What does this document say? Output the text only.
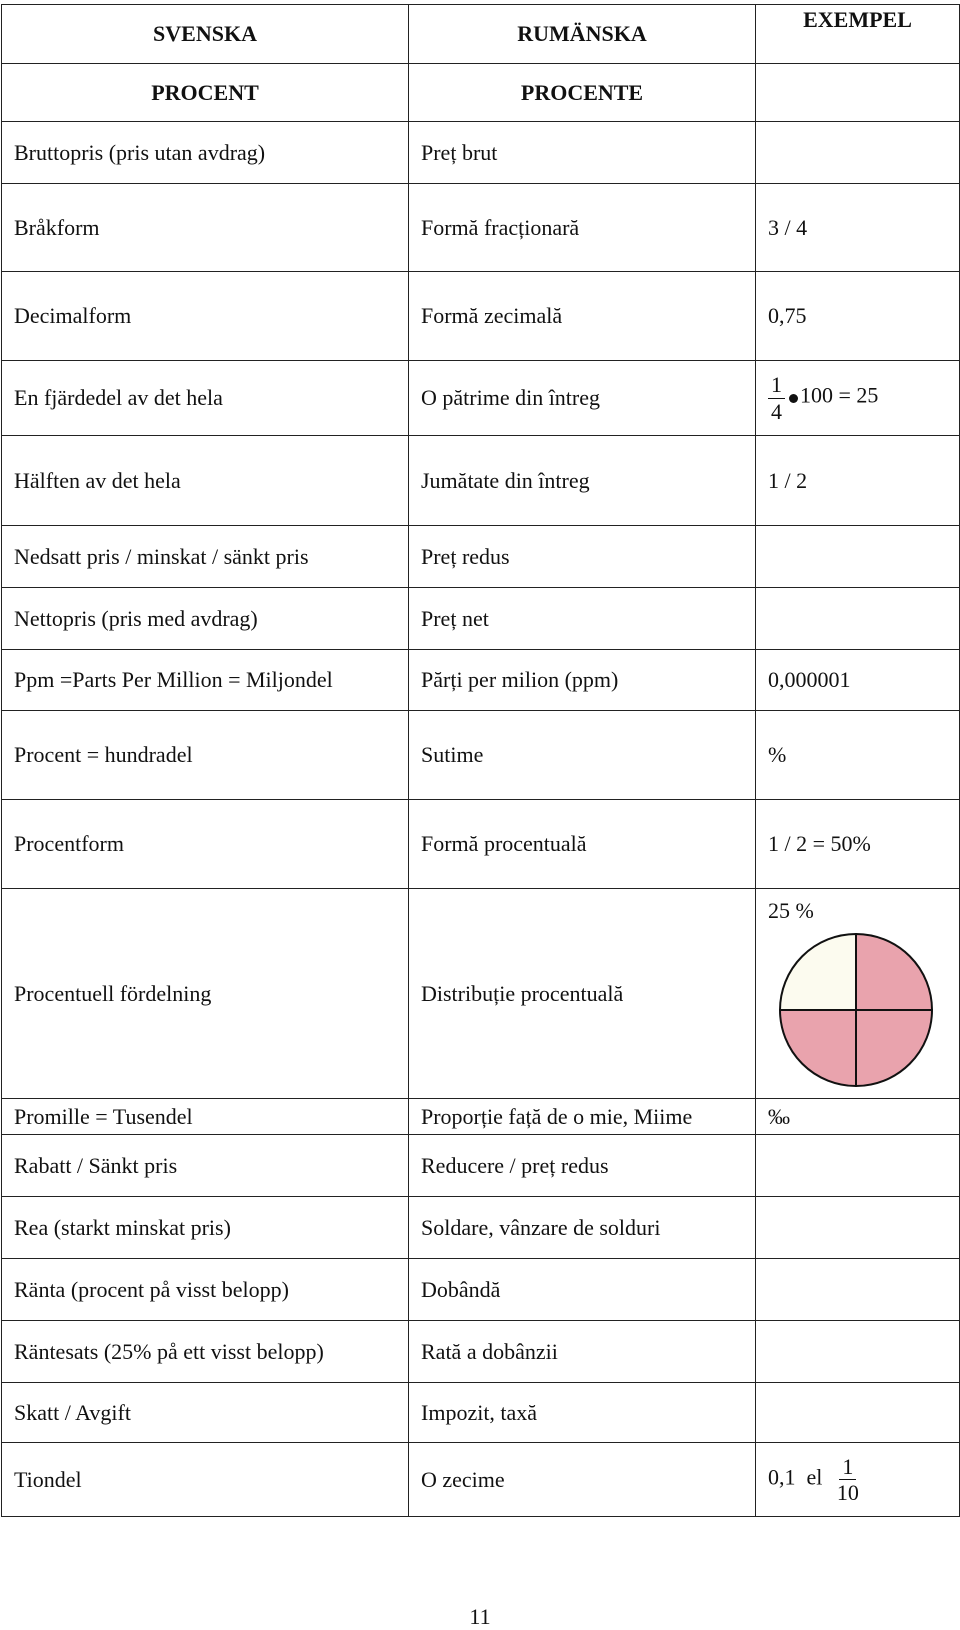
SVENSKA	RUMÄNSKA	EXEMPEL
PROCENT	PROCENTE	
Bruttopris (pris utan avdrag)	Preț brut	
Bråkform	Formă fracționară	3 / 4
Decimalform	Formă zecimală	0,75
En fjärdedel av det hela	O pătrime din întreg	$\frac{1}{4} 100 = 25$
Hälften av det hela	Jumătate din întreg	1 / 2
Nedsatt pris / minskat / sänkt pris	Preț redus	
Nettopris (pris med avdrag)	Preț net	
Ppm =Parts Per Million = Miljondel	Părți per milion (ppm)	0,000001
Procent = hundradel	Sutime	%
Procentform	Formă procentuală	1 / 2 = 50%
Procentuell fördelning	Distribuție procentuală	25 %

Promille = Tusendel	Proporție față de o mie, Miime	‰
Rabatt / Sänkt pris	Reducere / preț redus	
Rea (starkt minskat pris)	Soldare, vânzare de solduri	
Ränta (procent på visst belopp)	Dobândă	
Räntesats (25% på ett visst belopp)	Rată a dobânzii	
Skatt / Avgift	Impozit, taxă	
Tiondel	O zecime	0,1  el $\frac{1}{10}$
11
